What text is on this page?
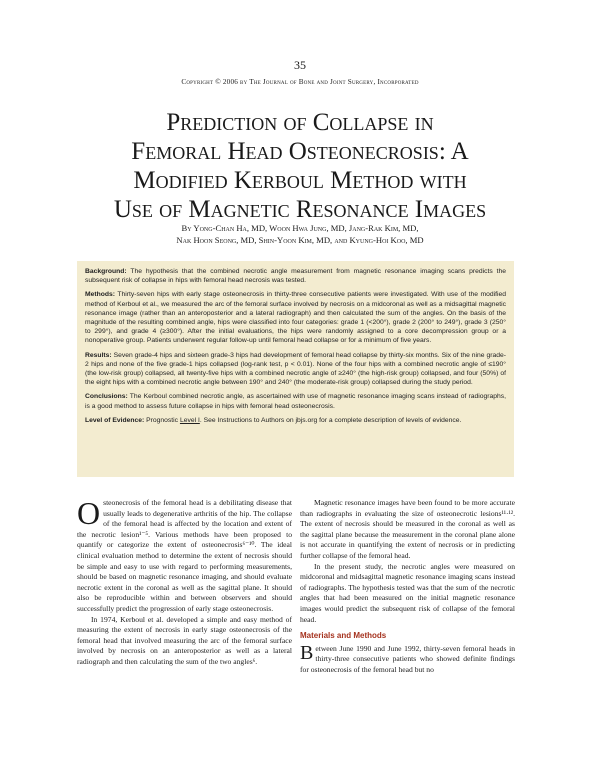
35
Copyright © 2006 by The Journal of Bone and Joint Surgery, Incorporated
Prediction of Collapse in
Femoral Head Osteonecrosis: A
Modified Kerboul Method with
Use of Magnetic Resonance Images
By Yong-Chan Ha, MD, Woon Hwa Jung, MD, Jang-Rak Kim, MD,
Nak Hoon Seong, MD, Shin-Yoon Kim, MD, and Kyung-Hoi Koo, MD

Background: The hypothesis that the combined necrotic angle measurement from magnetic resonance imaging scans predicts the subsequent risk of collapse in hips with femoral head necrosis was tested.

Methods: Thirty-seven hips with early stage osteonecrosis in thirty-three consecutive patients were investigated. With use of the modified method of Kerboul et al., we measured the arc of the femoral surface involved by necrosis on a midcoronal as well as a midsagittal magnetic resonance image (rather than an anteroposterior and a lateral radiograph) and then calculated the sum of the angles. On the basis of the magnitude of the resulting combined angle, hips were classified into four categories: grade 1 (<200°), grade 2 (200° to 249°), grade 3 (250° to 299°), and grade 4 (≥300°). After the initial evaluations, the hips were randomly assigned to a core decompression group or a nonoperative group. Patients underwent regular follow-up until femoral head collapse or for a minimum of five years.

Results: Seven grade-4 hips and sixteen grade-3 hips had development of femoral head collapse by thirty-six months. Six of the nine grade-2 hips and none of the five grade-1 hips collapsed (log-rank test, p < 0.01). None of the four hips with a combined necrotic angle of ≤190° (the low-risk group) collapsed, all twenty-five hips with a combined necrotic angle of ≥240° (the high-risk group) collapsed, and four (50%) of the eight hips with a combined necrotic angle between 190° and 240° (the moderate-risk group) collapsed during the study period.

Conclusions: The Kerboul combined necrotic angle, as ascertained with use of magnetic resonance imaging scans instead of radiographs, is a good method to assess future collapse in hips with femoral head osteonecrosis.

Level of Evidence: Prognostic Level I. See Instructions to Authors on jbjs.org for a complete description of levels of evidence.

Osteonecrosis of the femoral head is a debilitating disease that usually leads to degenerative arthritis of the hip. The collapse of the femoral head is affected by the location and extent of the necrotic lesion¹⁻⁵. Various methods have been proposed to quantify or categorize the extent of osteonecrosis⁶⁻¹⁰. The ideal clinical evaluation method to determine the extent of necrosis should be simple and easy to use with regard to performing measurements, should be based on magnetic resonance imaging, and should evaluate necrotic extent in the coronal as well as the sagittal plane. It should also be reproducible within and between observers and should successfully predict the progression of early stage osteonecrosis.

In 1974, Kerboul et al. developed a simple and easy method of measuring the extent of necrosis in early stage osteonecrosis of the femoral head that involved measuring the arc of the femoral surface involved by necrosis on an anteroposterior as well as a lateral radiograph and then calculating the sum of the two angles⁶.

Magnetic resonance images have been found to be more accurate than radiographs in evaluating the size of osteonecrotic lesions¹¹·¹². The extent of necrosis should be measured in the coronal as well as the sagittal plane because the measurement in the coronal plane alone is not accurate in quantifying the extent of necrosis or in predicting further collapse of the femoral head.

In the present study, the necrotic angles were measured on midcoronal and midsagittal magnetic resonance imaging scans instead of radiographs. The hypothesis tested was that the sum of the necrotic angles that had been measured on the initial magnetic resonance images would predict the subsequent risk of collapse of the femoral head.

Materials and Methods

Between June 1990 and June 1992, thirty-seven femoral heads in thirty-three consecutive patients who showed definite findings for osteonecrosis of the femoral head but no
